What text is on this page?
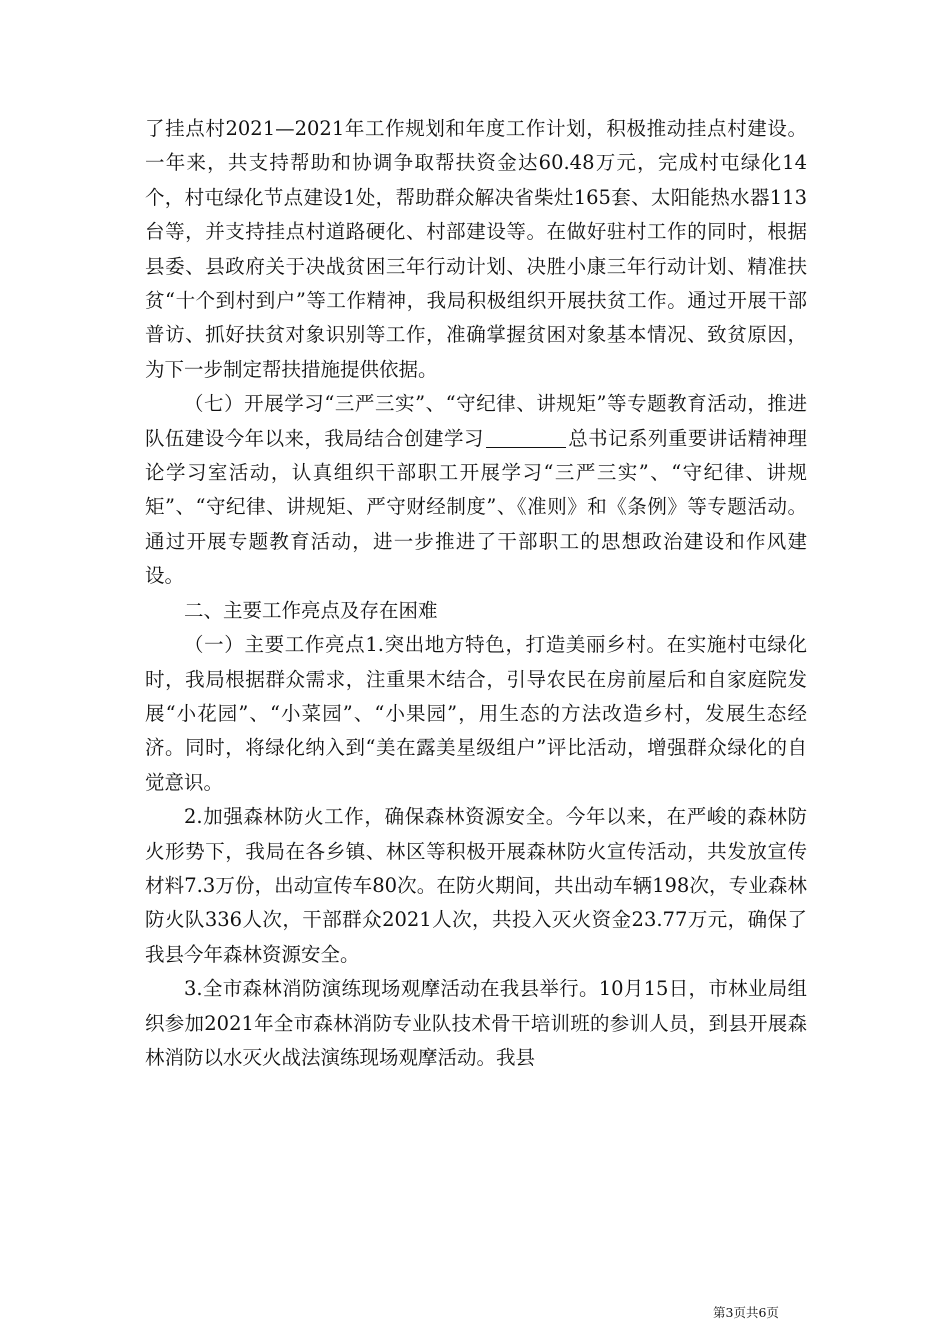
了挂点村2021—2021年工作规划和年度工作计划，积极推动挂点村建设。一年来，共支持帮助和协调争取帮扶资金达60.48万元，完成村屯绿化14个，村屯绿化节点建设1处，帮助群众解决省柴灶165套、太阳能热水器113台等，并支持挂点村道路硬化、村部建设等。在做好驻村工作的同时，根据县委、县政府关于决战贫困三年行动计划、决胜小康三年行动计划、精准扶贫“十个到村到户”等工作精神，我局积极组织开展扶贫工作。通过开展干部普访、抓好扶贫对象识别等工作，准确掌握贫困对象基本情况、致贫原因，为下一步制定帮扶措施提供依据。

（七）开展学习“三严三实”、“守纪律、讲规矩”等专题教育活动，推进队伍建设今年以来，我局结合创建学习	总书记系列重要讲话精神理论学习室活动，认真组织干部职工开展学习“三严三实”、“守纪律、讲规矩”、“守纪律、讲规矩、严守财经制度”、《准则》和《条例》等专题活动。通过开展专题教育活动，进一步推进了干部职工的思想政治建设和作风建设。

二、主要工作亮点及存在困难

（一）主要工作亮点1.突出地方特色，打造美丽乡村。在实施村屯绿化时，我局根据群众需求，注重果木结合，引导农民在房前屋后和自家庭院发展“小花园”、“小菜园”、“小果园”，用生态的方法改造乡村，发展生态经济。同时，将绿化纳入到“美在露美星级组户”评比活动，增强群众绿化的自觉意识。

2.加强森林防火工作，确保森林资源安全。今年以来，在严峻的森林防火形势下，我局在各乡镇、林区等积极开展森林防火宣传活动，共发放宣传材料7.3万份，出动宣传车80次。在防火期间，共出动车辆198次，专业森林防火队336人次，干部群众2021人次，共投入灭火资金23.77万元，确保了我县今年森林资源安全。

3.全市森林消防演练现场观摩活动在我县举行。10月15日，市林业局组织参加2021年全市森林消防专业队技术骨干培训班的参训人员，到县开展森林消防以水灭火战法演练现场观摩活动。我县

第3页共6页
